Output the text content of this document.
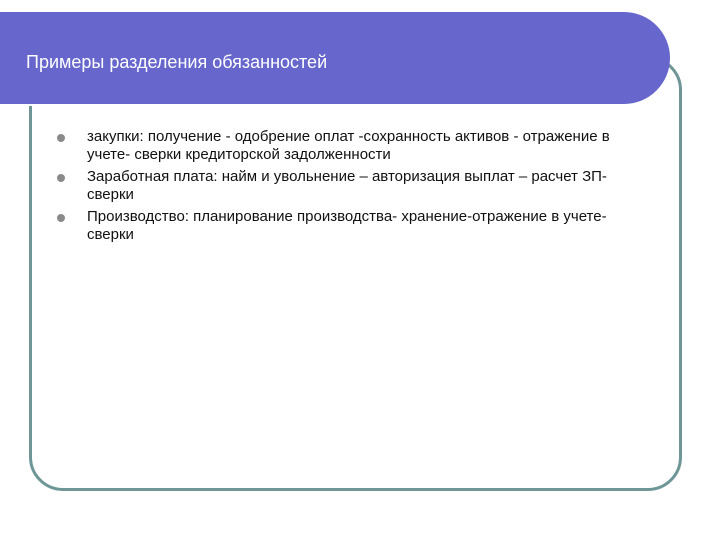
Примеры разделения обязанностей
закупки: получение - одобрение оплат -сохранность активов - отражение в учете- сверки кредиторской задолженности
Заработная плата: найм и увольнение – авторизация выплат – расчет ЗП-сверки
Производство: планирование производства- хранение-отражение в учете-сверки
